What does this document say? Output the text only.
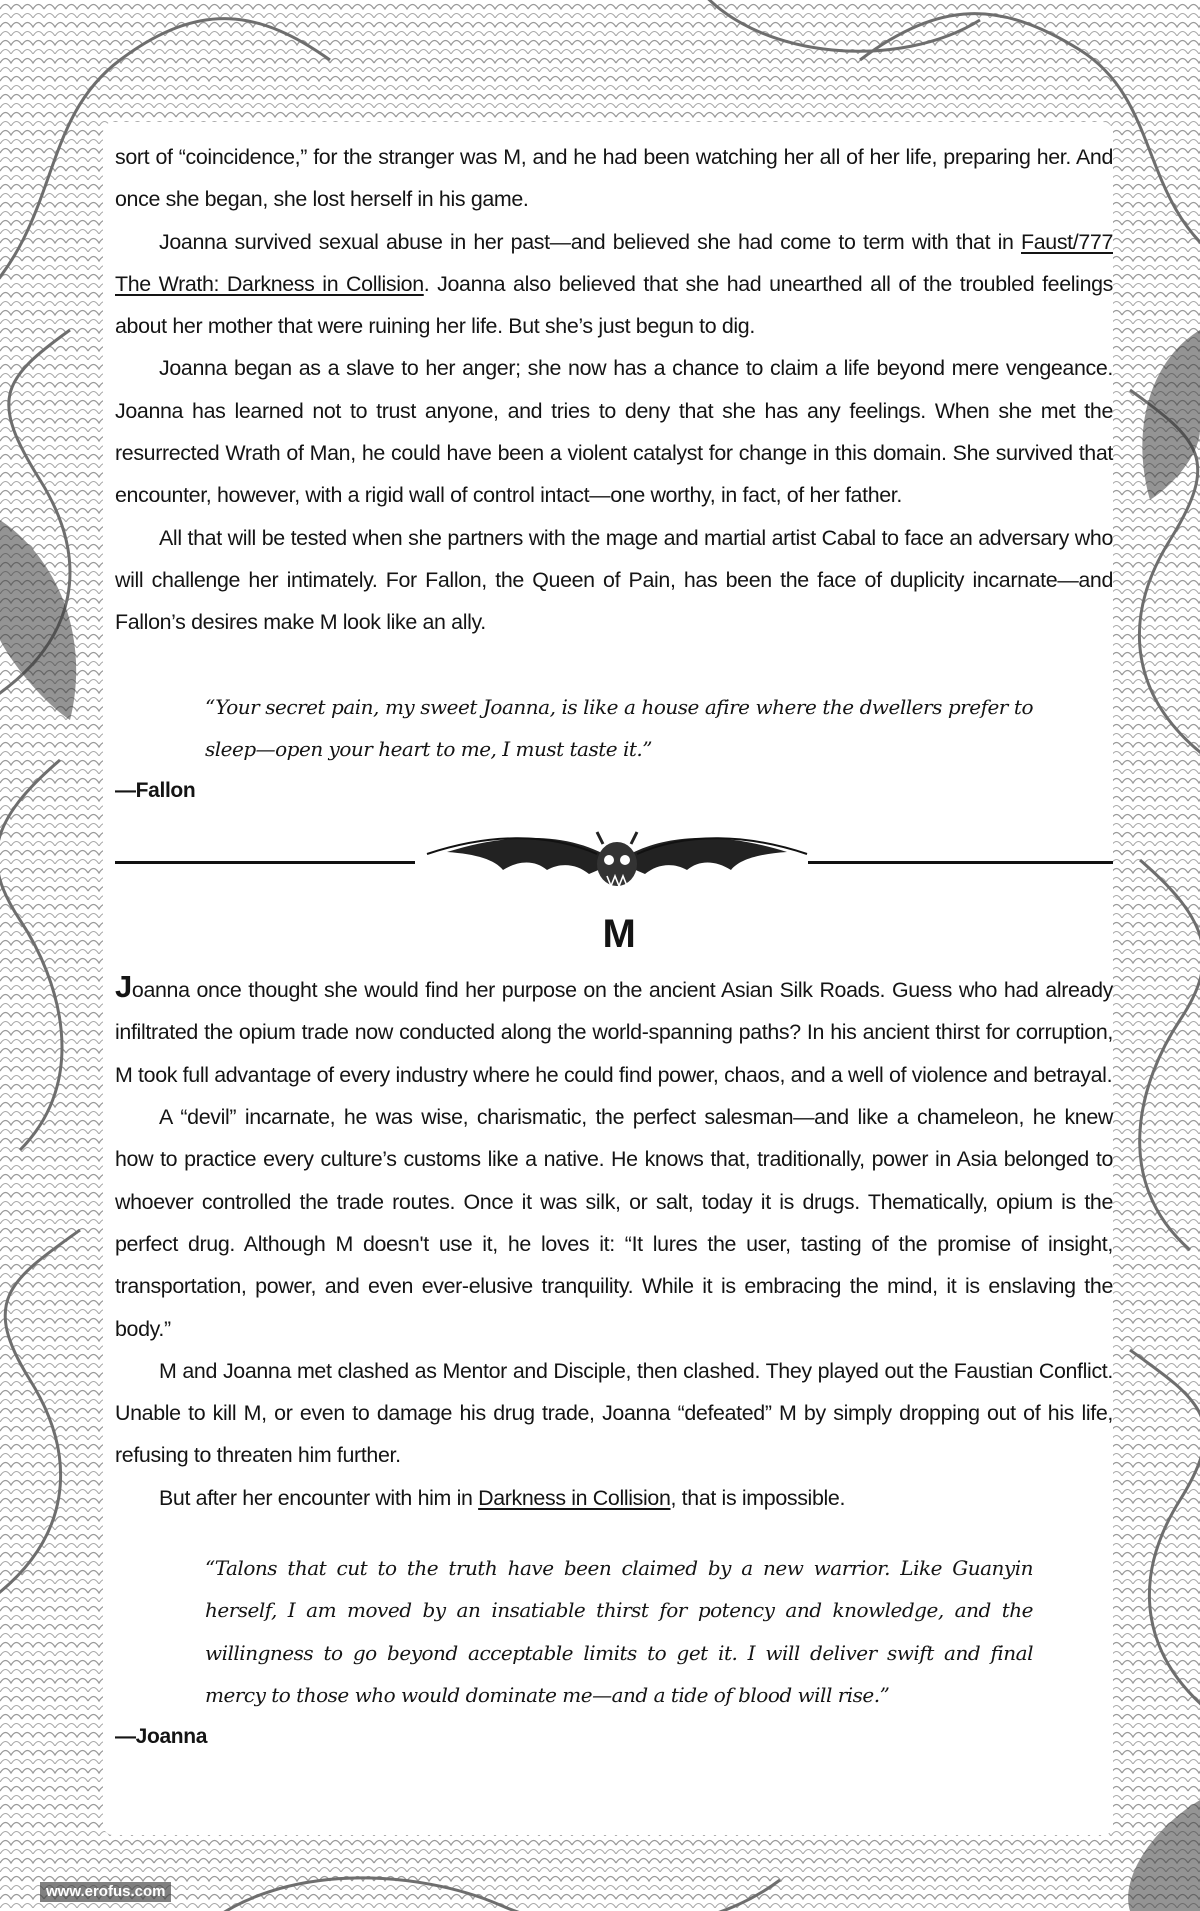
sort of “coincidence,” for the stranger was M, and he had been watching her all of her life, preparing her. And once she began, she lost herself in his game.

Joanna survived sexual abuse in her past—and believed she had come to term with that in Faust/777 The Wrath: Darkness in Collision. Joanna also believed that she had unearthed all of the troubled feelings about her mother that were ruining her life. But she’s just begun to dig.

Joanna began as a slave to her anger; she now has a chance to claim a life beyond mere vengeance. Joanna has learned not to trust anyone, and tries to deny that she has any feelings. When she met the resurrected Wrath of Man, he could have been a violent catalyst for change in this domain. She survived that encounter, however, with a rigid wall of control intact—one worthy, in fact, of her father.

All that will be tested when she partners with the mage and martial artist Cabal to face an adversary who will challenge her intimately. For Fallon, the Queen of Pain, has been the face of duplicity incarnate—and Fallon’s desires make M look like an ally.

“Your secret pain, my sweet Joanna, is like a house afire where the dwellers prefer to sleep—open your heart to me, I must taste it.”

—Fallon

M

Joanna once thought she would find her purpose on the ancient Asian Silk Roads. Guess who had already infiltrated the opium trade now conducted along the world-spanning paths? In his ancient thirst for corruption, M took full advantage of every industry where he could find power, chaos, and a well of violence and betrayal.

A “devil” incarnate, he was wise, charismatic, the perfect salesman—and like a chameleon, he knew how to practice every culture’s customs like a native. He knows that, traditionally, power in Asia belonged to whoever controlled the trade routes. Once it was silk, or salt, today it is drugs. Thematically, opium is the perfect drug. Although M doesn't use it, he loves it: “It lures the user, tasting of the promise of insight, transportation, power, and even ever-elusive tranquility. While it is embracing the mind, it is enslaving the body.”

M and Joanna met clashed as Mentor and Disciple, then clashed. They played out the Faustian Conflict. Unable to kill M, or even to damage his drug trade, Joanna “defeated” M by simply dropping out of his life, refusing to threaten him further.

But after her encounter with him in Darkness in Collision, that is impossible.

“Talons that cut to the truth have been claimed by a new warrior. Like Guanyin herself, I am moved by an insatiable thirst for potency and knowledge, and the willingness to go beyond acceptable limits to get it. I will deliver swift and final mercy to those who would dominate me—and a tide of blood will rise.”

—Joanna

www.erofus.com
